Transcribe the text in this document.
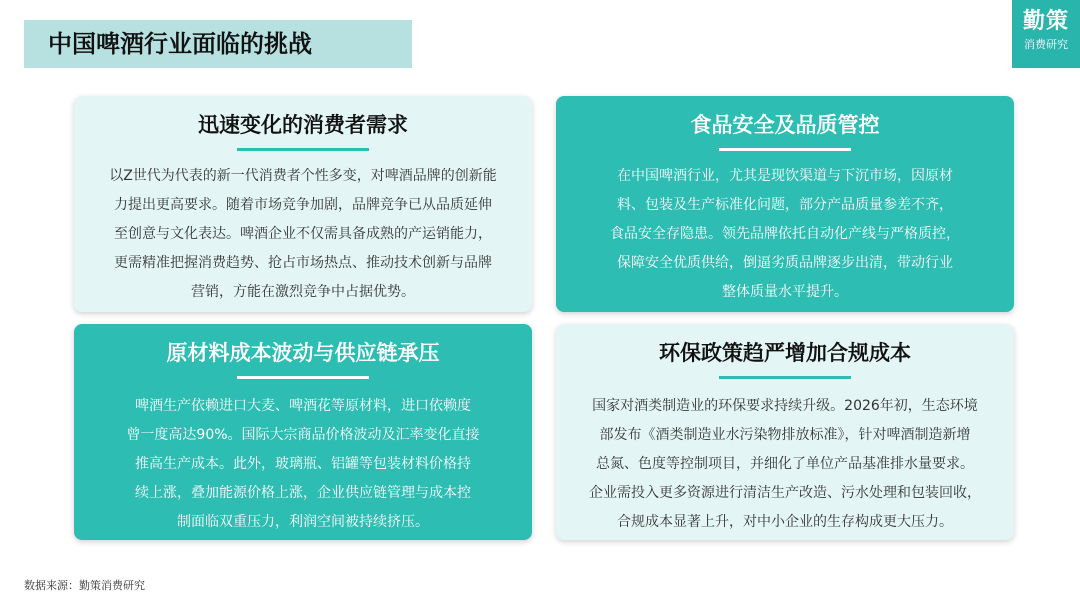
中国啤酒行业面临的挑战
勤策
消费研究
迅速变化的消费者需求
以Z世代为代表的新一代消费者个性多变，对啤酒品牌的创新能
力提出更高要求。随着市场竞争加剧，品牌竞争已从品质延伸
至创意与文化表达。啤酒企业不仅需具备成熟的产运销能力，
更需精准把握消费趋势、抢占市场热点、推动技术创新与品牌
营销，方能在激烈竞争中占据优势。
食品安全及品质管控
在中国啤酒行业，尤其是现饮渠道与下沉市场，因原材
料、包装及生产标准化问题，部分产品质量参差不齐，
食品安全存隐患。领先品牌依托自动化产线与严格质控，
保障安全优质供给，倒逼劣质品牌逐步出清，带动行业
整体质量水平提升。
原材料成本波动与供应链承压
啤酒生产依赖进口大麦、啤酒花等原材料，进口依赖度
曾一度高达90%。国际大宗商品价格波动及汇率变化直接
推高生产成本。此外，玻璃瓶、铝罐等包装材料价格持
续上涨，叠加能源价格上涨，企业供应链管理与成本控
制面临双重压力，利润空间被持续挤压。
环保政策趋严增加合规成本
国家对酒类制造业的环保要求持续升级。2026年初，生态环境
部发布《酒类制造业水污染物排放标准》，针对啤酒制造新增
总氮、色度等控制项目，并细化了单位产品基准排水量要求。
企业需投入更多资源进行清洁生产改造、污水处理和包装回收，
合规成本显著上升，对中小企业的生存构成更大压力。
数据来源：勤策消费研究
